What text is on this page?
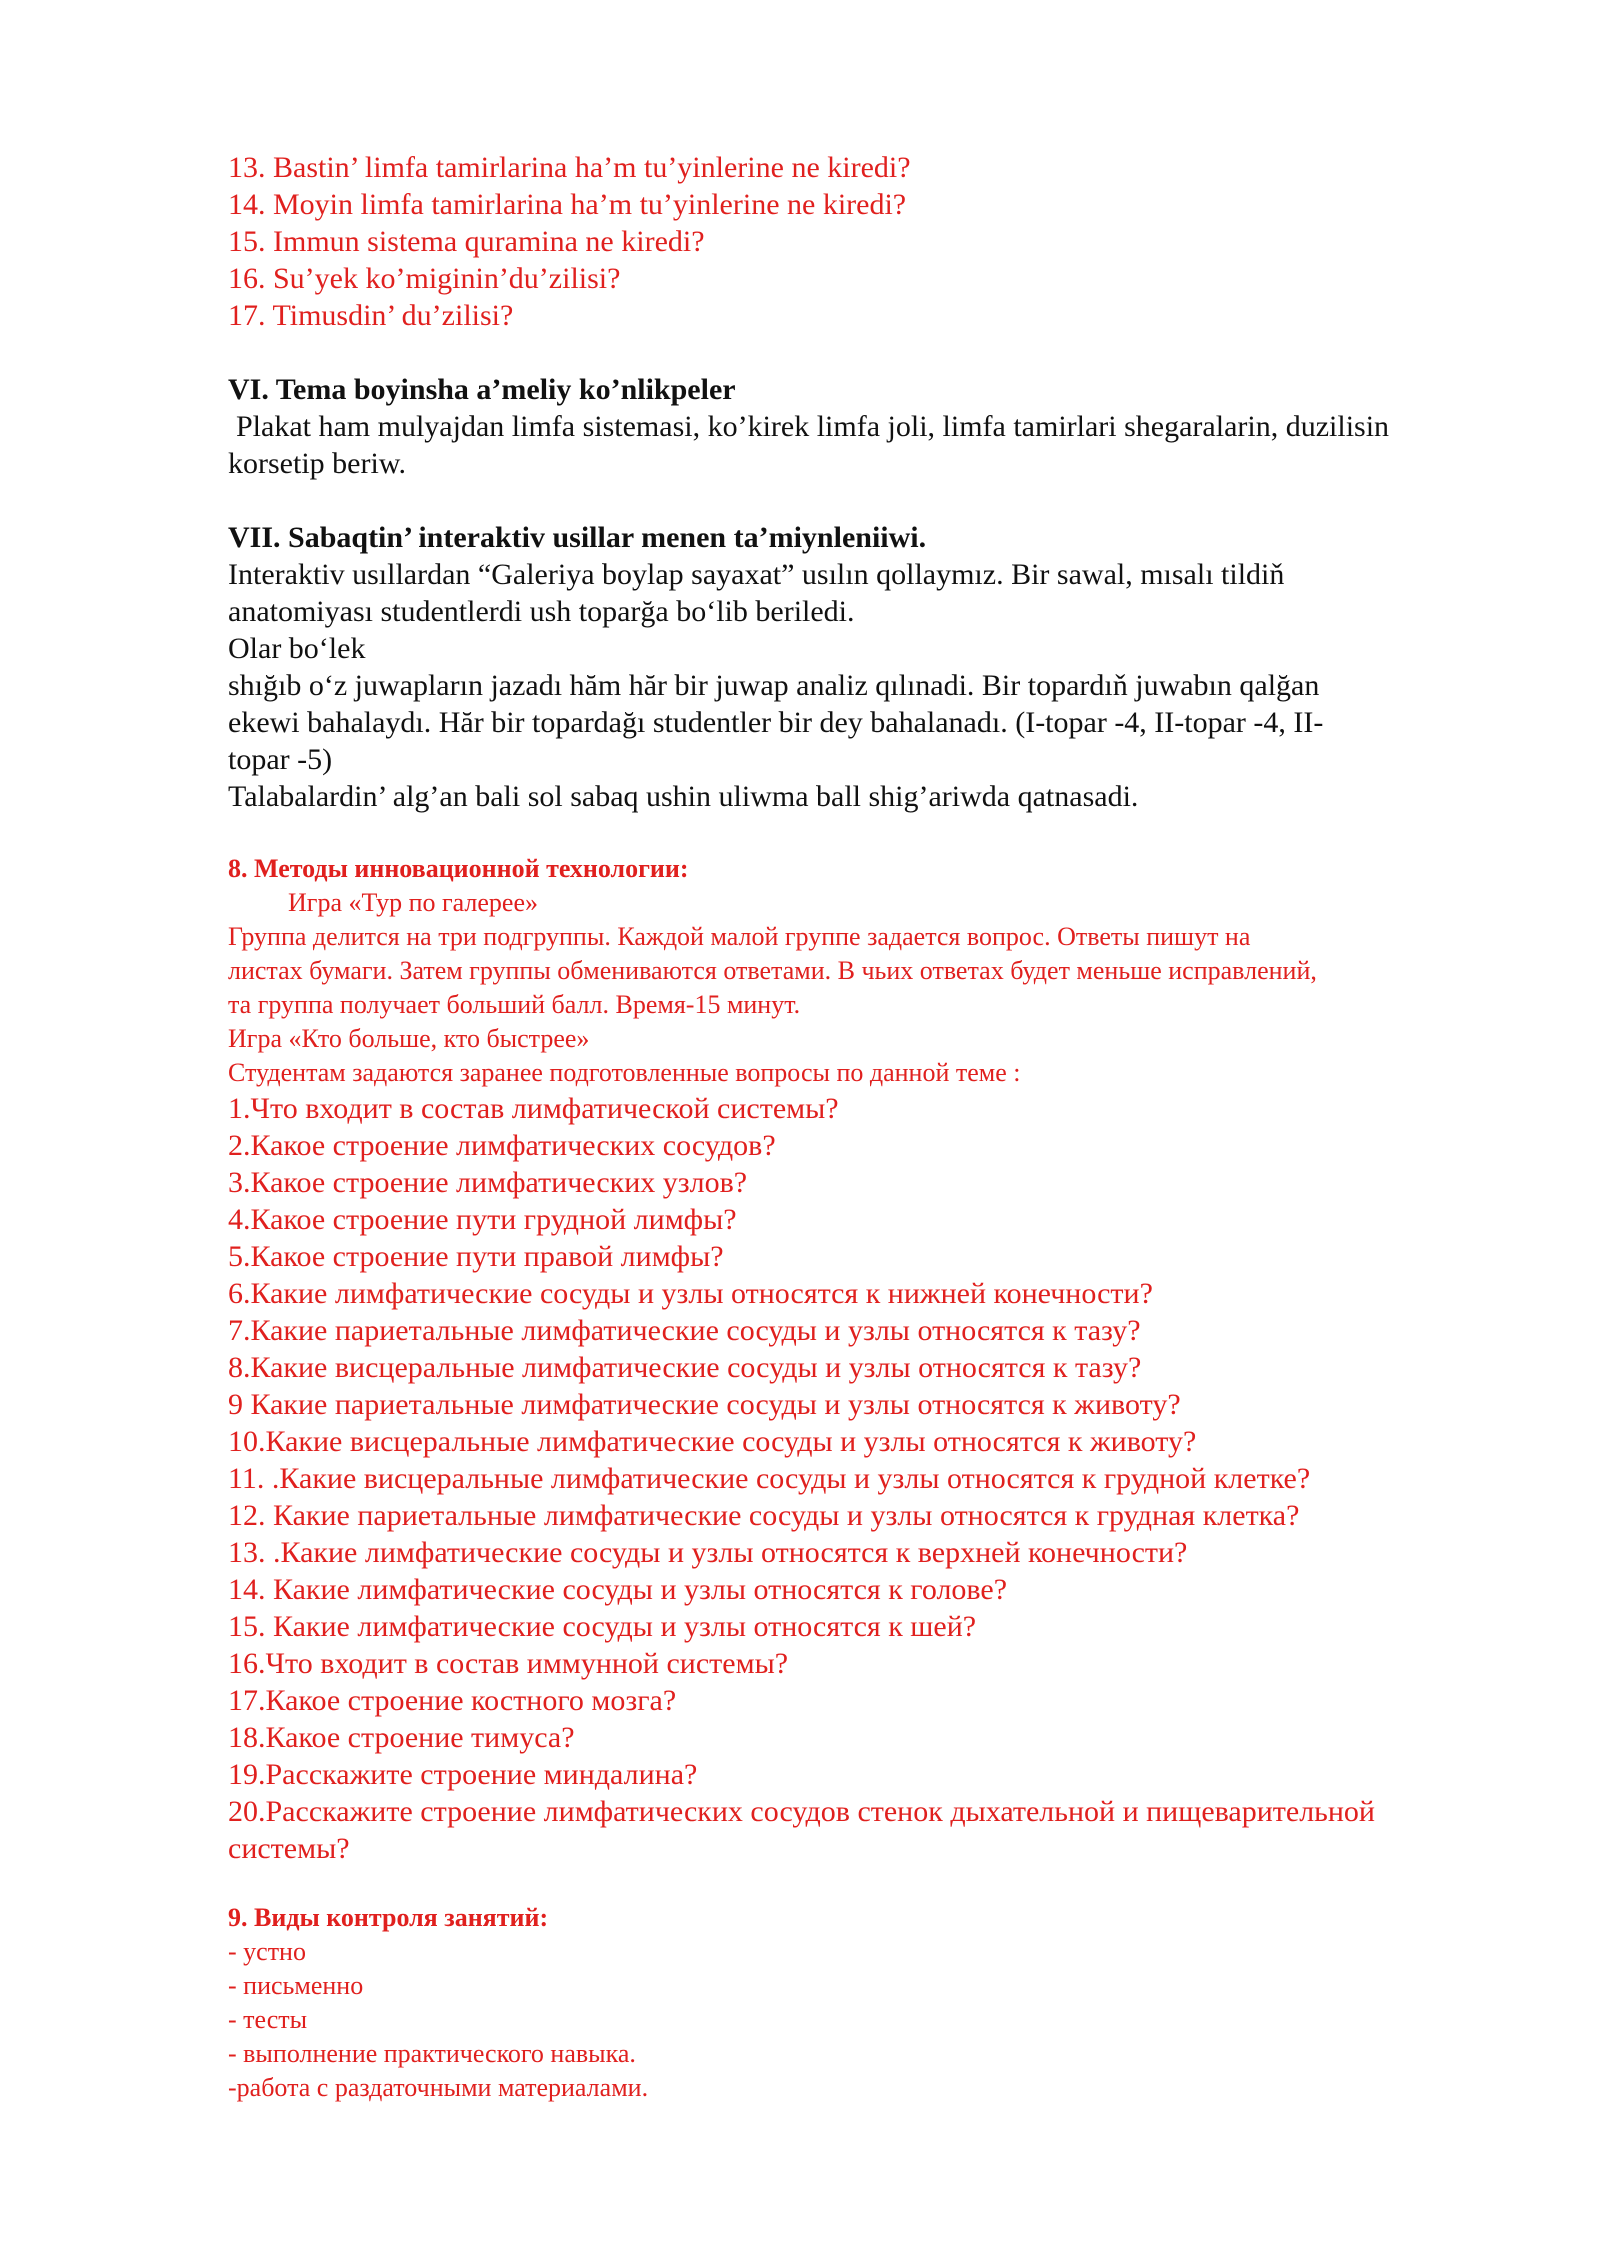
13. Bastin’ limfa tamirlarina ha’m tu’yinlerine ne kiredi?
14. Moyin limfa tamirlarina ha’m tu’yinlerine ne kiredi?
15. Immun sistema quramina ne kiredi?
16. Su’yek ko’miginin’du’zilisi?
17. Timusdin’ du’zilisi?
VI. Tema boyinsha a’meliy ko’nlikpeler
Plakat ham mulyajdan limfa sistemasi, ko’kirek limfa joli, limfa tamirlari shegaralarin, duzilisin
korsetip beriw.
VII. Sabaqtin’ interaktiv usillar menen ta’miynleniiwi.
Interaktiv usıllardan “Galeriya boylap sayaxat” usılın qollaymız. Bir sawal, mısalı tildiň
anatomiyası studentlerdi ush toparğa boʻlib beriledi.
Olar boʻlek
shığıb oʻz juwapların jazadı hăm hăr bir juwap analiz qılınadi. Bir topardıň juwabın qalğan
ekewi bahalaydı. Hăr bir topardağı studentler bir dey bahalanadı. (I-topar -4, II-topar -4, II-
topar -5)
Talabalardin’ alg’an bali sol sabaq ushin uliwma ball shig’ariwda qatnasadi.
8. Методы инновационной технологии:
Игра «Тур по галерее»
Группа делится на три подгруппы. Каждой малой группе задается вопрос. Ответы пишут на
листах бумаги. Затем группы обмениваются ответами. В чьих ответах будет меньше исправлений,
та группа получает больший балл. Время-15 минут.
Игра «Кто больше, кто быстрее»
Студентам задаются заранее подготовленные вопросы по данной теме :
1.Что входит в состав лимфатической системы?
2.Какое строение лимфатических сосудов?
3.Какое строение лимфатических узлов?
4.Какое строение пути грудной лимфы?
5.Какое строение пути правой лимфы?
6.Какие лимфатические сосуды и узлы относятся к нижней конечности?
7.Какие париетальные лимфатические сосуды и узлы относятся к тазу?
8.Какие висцеральные лимфатические сосуды и узлы относятся к тазу?
9 Какие париетальные лимфатические сосуды и узлы относятся к животу?
10.Какие висцеральные лимфатические сосуды и узлы относятся к животу?
11. .Какие висцеральные лимфатические сосуды и узлы относятся к грудной клетке?
12. Какие париетальные лимфатические сосуды и узлы относятся к грудная клетка?
13. .Какие лимфатические сосуды и узлы относятся к верхней конечности?
14. Какие лимфатические сосуды и узлы относятся к голове?
15. Какие лимфатические сосуды и узлы относятся к шей?
16.Что входит в состав иммунной системы?
17.Какое строение костного мозга?
18.Какое строение тимуса?
19.Расскажите строение миндалина?
20.Расскажите строение лимфатических сосудов стенок дыхательной и пищеварительной
системы?
9. Виды контроля занятий:
- устно
- письменно
- тесты
- выполнение практического навыка.
-работа с раздаточными материалами.
